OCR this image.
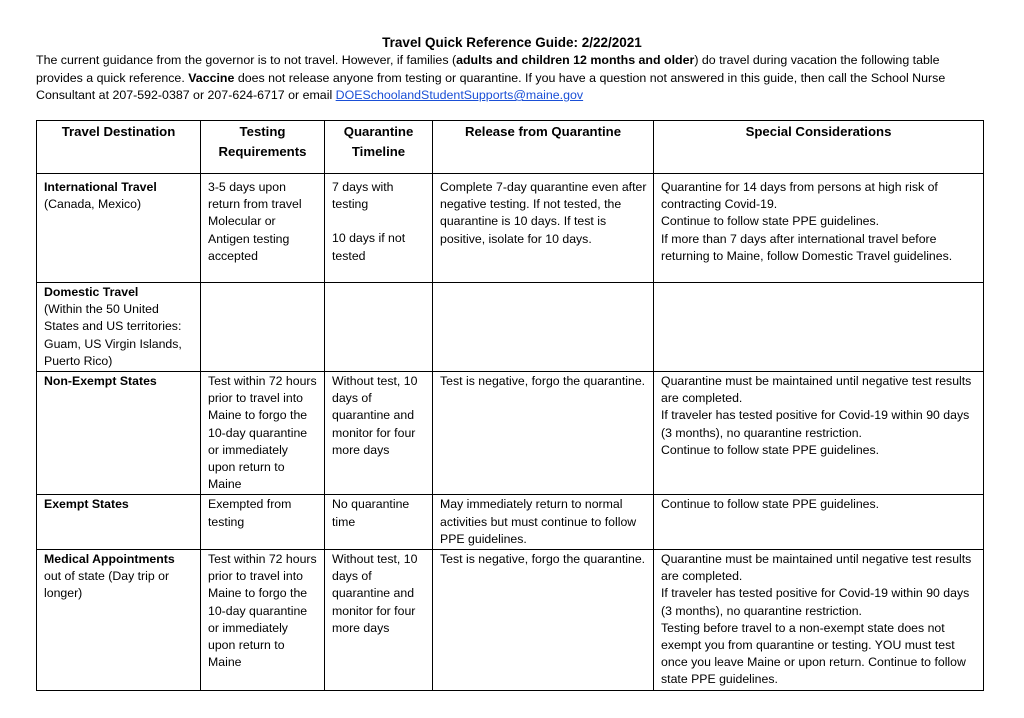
Travel Quick Reference Guide: 2/22/2021

The current guidance from the governor is to not travel. However, if families (adults and children 12 months and older) do travel during vacation the following table provides a quick reference. Vaccine does not release anyone from testing or quarantine. If you have a question not answered in this guide, then call the School Nurse Consultant at 207-592-0387 or 207-624-6717 or email DOESchoolandStudentSupports@maine.gov

Travel Destination	Testing Requirements	Quarantine Timeline	Release from Quarantine	Special Considerations

International Travel
(Canada, Mexico)	3-5 days upon return from travel Molecular or Antigen testing accepted	7 days with testing
10 days if not tested	Complete 7-day quarantine even after negative testing. If not tested, the quarantine is 10 days. If test is positive, isolate for 10 days.	Quarantine for 14 days from persons at high risk of contracting Covid-19.
Continue to follow state PPE guidelines.
If more than 7 days after international travel before returning to Maine, follow Domestic Travel guidelines.

Domestic Travel
(Within the 50 United States and US territories: Guam, US Virgin Islands, Puerto Rico)				

Non-Exempt States	Test within 72 hours prior to travel into Maine to forgo the 10-day quarantine or immediately upon return to Maine	Without test, 10 days of quarantine and monitor for four more days	Test is negative, forgo the quarantine.	Quarantine must be maintained until negative test results are completed.
If traveler has tested positive for Covid-19 within 90 days (3 months), no quarantine restriction.
Continue to follow state PPE guidelines.

Exempt States	Exempted from testing	No quarantine time	May immediately return to normal activities but must continue to follow PPE guidelines.	Continue to follow state PPE guidelines.

Medical Appointments
out of state (Day trip or longer)	Test within 72 hours prior to travel into Maine to forgo the 10-day quarantine or immediately upon return to Maine	Without test, 10 days of quarantine and monitor for four more days	Test is negative, forgo the quarantine.	Quarantine must be maintained until negative test results are completed.
If traveler has tested positive for Covid-19 within 90 days (3 months), no quarantine restriction.
Testing before travel to a non-exempt state does not exempt you from quarantine or testing. YOU must test once you leave Maine or upon return. Continue to follow state PPE guidelines.
